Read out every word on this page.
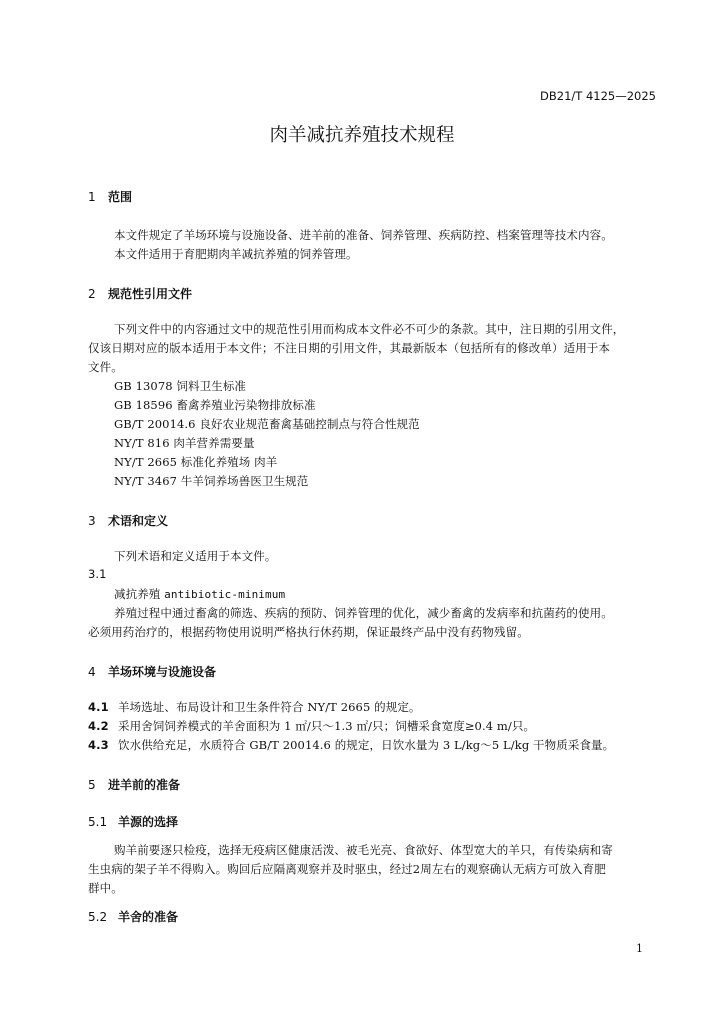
DB21/T 4125—2025
肉羊减抗养殖技术规程
1 范围
本文件规定了羊场环境与设施设备、进羊前的准备、饲养管理、疾病防控、档案管理等技术内容。
本文件适用于育肥期肉羊减抗养殖的饲养管理。
2 规范性引用文件
下列文件中的内容通过文中的规范性引用而构成本文件必不可少的条款。其中，注日期的引用文件，
仅该日期对应的版本适用于本文件；不注日期的引用文件，其最新版本（包括所有的修改单）适用于本
文件。
GB 13078 饲料卫生标准
GB 18596 畜禽养殖业污染物排放标准
GB/T 20014.6 良好农业规范畜禽基础控制点与符合性规范
NY/T 816 肉羊营养需要量
NY/T 2665 标准化养殖场 肉羊
NY/T 3467 牛羊饲养场兽医卫生规范
3 术语和定义
下列术语和定义适用于本文件。
3.1
减抗养殖 antibiotic-minimum
养殖过程中通过畜禽的筛选、疾病的预防、饲养管理的优化，减少畜禽的发病率和抗菌药的使用。
必须用药治疗的，根据药物使用说明严格执行休药期，保证最终产品中没有药物残留。
4 羊场环境与设施设备
4.1 羊场选址、布局设计和卫生条件符合 NY/T 2665 的规定。
4.2 采用舍饲饲养模式的羊舍面积为 1 ㎡/只～1.3 ㎡/只；饲槽采食宽度≥0.4 m/只。
4.3 饮水供给充足，水质符合 GB/T 20014.6 的规定，日饮水量为 3 L/kg～5 L/kg 干物质采食量。
5 进羊前的准备
5.1 羊源的选择
购羊前要逐只检疫，选择无疫病区健康活泼、被毛光亮、食欲好、体型宽大的羊只，有传染病和寄
生虫病的架子羊不得购入。购回后应隔离观察并及时驱虫，经过2周左右的观察确认无病方可放入育肥
群中。
5.2 羊舍的准备
1
